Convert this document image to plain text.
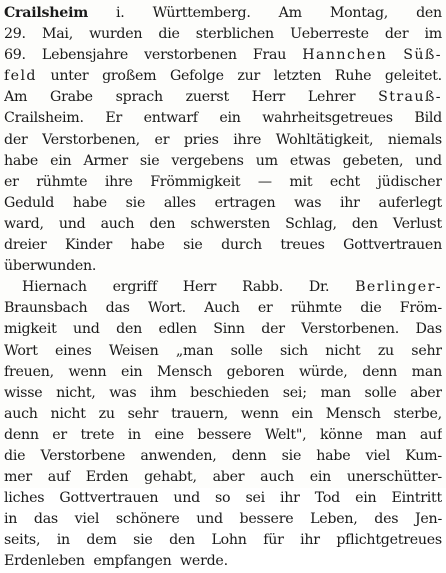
Crailsheim i. Württemberg. Am Montag, den
29. Mai, wurden die sterblichen Ueberreste der im
69. Lebensjahre verstorbenen Frau Hannchen Süß-
feld unter großem Gefolge zur letzten Ruhe geleitet.
Am Grabe sprach zuerst Herr Lehrer Strauß-
Crailsheim. Er entwarf ein wahrheitsgetreues Bild
der Verstorbenen, er pries ihre Wohltätigkeit, niemals
habe ein Armer sie vergebens um etwas gebeten, und
er rühmte ihre Frömmigkeit — mit echt jüdischer
Geduld habe sie alles ertragen was ihr auferlegt
ward, und auch den schwersten Schlag, den Verlust
dreier Kinder habe sie durch treues Gottvertrauen
überwunden.
Hiernach ergriff Herr Rabb. Dr. Berlinger-
Braunsbach das Wort. Auch er rühmte die Fröm-
migkeit und den edlen Sinn der Verstorbenen. Das
Wort eines Weisen „man solle sich nicht zu sehr
freuen, wenn ein Mensch geboren würde, denn man
wisse nicht, was ihm beschieden sei; man solle aber
auch nicht zu sehr trauern, wenn ein Mensch sterbe,
denn er trete in eine bessere Welt", könne man auf
die Verstorbene anwenden, denn sie habe viel Kum-
mer auf Erden gehabt, aber auch ein unerschütter-
liches Gottvertrauen und so sei ihr Tod ein Eintritt
in das viel schönere und bessere Leben, des Jen-
seits, in dem sie den Lohn für ihr pflichtgetreues
Erdenleben
empfangen
werde.
